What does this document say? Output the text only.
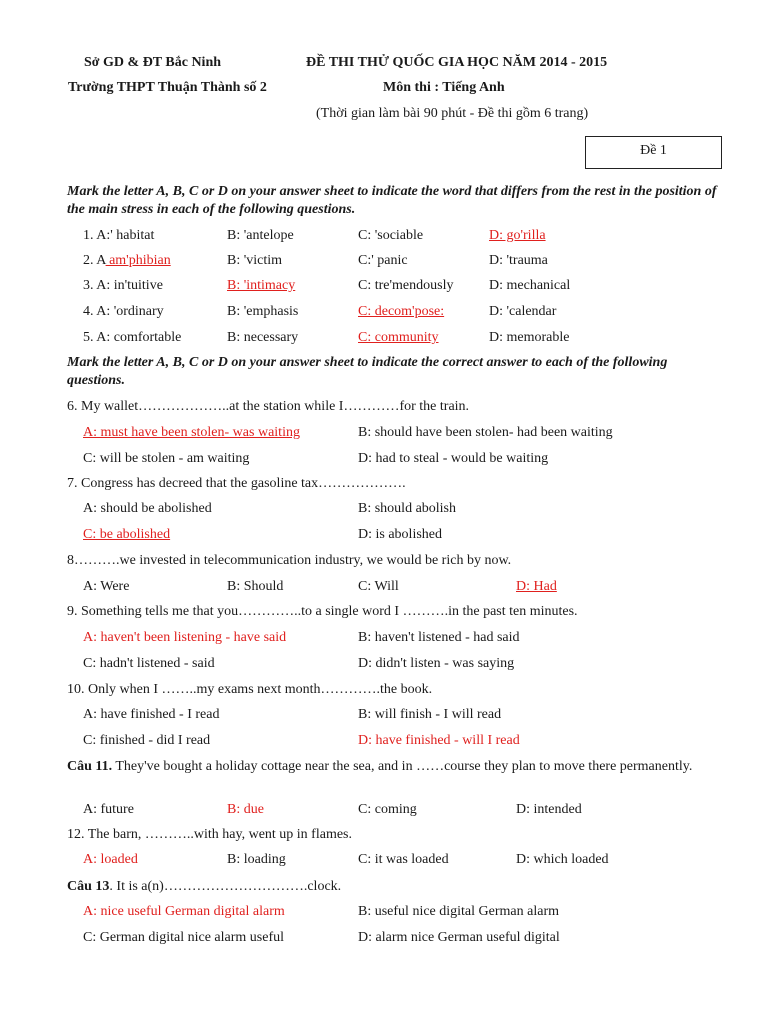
Sở GD & ĐT Bắc Ninh
Trường THPT Thuận Thành số 2
ĐỀ THI THỬ QUỐC GIA HỌC NĂM 2014 - 2015
Môn thi : Tiếng Anh
(Thời gian làm bài 90 phút - Đề thi gồm 6 trang)
Đề 1
Mark the letter A, B, C or D on your answer sheet to indicate the word that differs from the rest in the position of the main stress in each of the following questions.
1. A:' habitat	B: 'antelope	C: 'sociable	D: go'rilla
2. A am'phibian	B: 'victim	C:' panic	D: 'trauma
3. A: in'tuitive	B: 'intimacy	C: tre'mendously	D: mechanical
4. A: 'ordinary	B: 'emphasis	C: decom'pose:	D: 'calendar
5. A: comfortable	B: necessary	C: community	D: memorable
Mark the letter A, B, C or D on your answer sheet to indicate the correct answer to each of the following questions.
6. My wallet………………..at the station while I…………for the train.
A: must have been stolen- was waiting	B: should have been stolen- had been waiting
C: will be stolen - am waiting	D: had to steal - would be waiting
7. Congress has decreed that the gasoline tax……………….
A: should be abolished	B: should abolish
C: be abolished	D: is abolished
8……….we invested in telecommunication industry, we would be rich by now.
A: Were	B: Should	C: Will	D: Had
9. Something tells me that you…………..to a single word I ……….in the past ten minutes.
A: haven't been listening - have said	B: haven't listened - had said
C: hadn't listened - said	D: didn't listen - was saying
10. Only when I ……..my exams next month………….the book.
A: have finished - I read	B: will finish - I will read
C: finished - did I read	D: have finished - will I read
Câu 11. They've bought a holiday cottage near the sea, and in ……course they plan to move there permanently.
A: future	B: due	C: coming	D: intended
12. The barn, ………..with hay, went up in flames.
A: loaded	B: loading	C: it was loaded	D: which loaded
Câu 13. It is a(n)………………………….clock.
A: nice useful German digital alarm	B: useful nice digital German alarm
C: German digital nice alarm useful	D: alarm nice German useful digital
